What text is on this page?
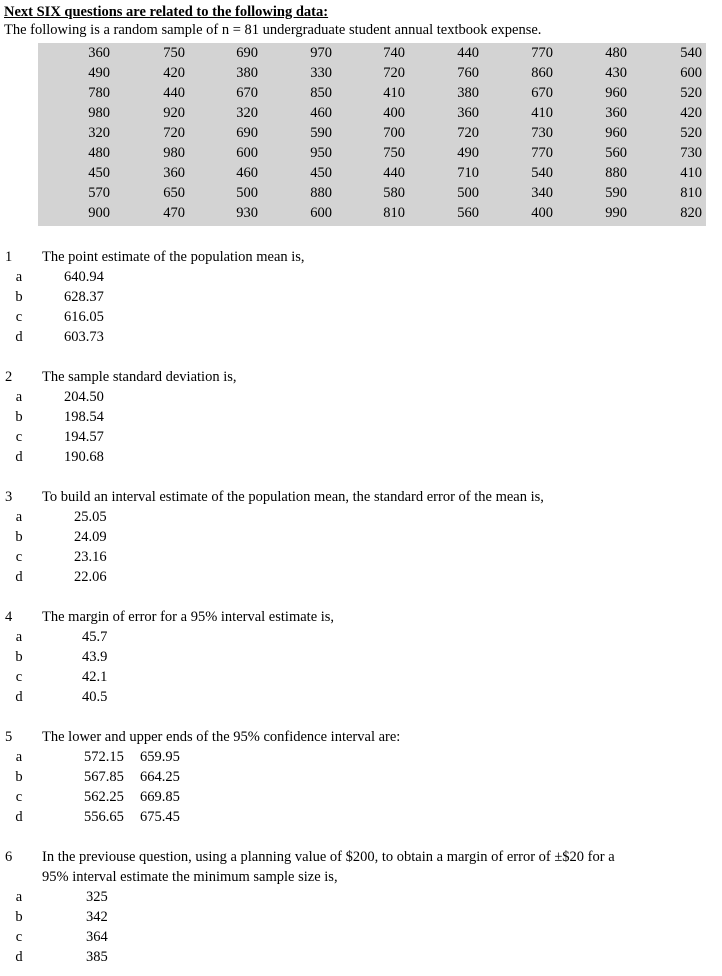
Next SIX questions are related to the following data:
The following is a random sample of n = 81 undergraduate student annual textbook expense.
360	750	690	970	740	440	770	480	540
490	420	380	330	720	760	860	430	600
780	440	670	850	410	380	670	960	520
980	920	320	460	400	360	410	360	420
320	720	690	590	700	720	730	960	520
480	980	600	950	750	490	770	560	730
450	360	460	450	440	710	540	880	410
570	650	500	880	580	500	340	590	810
900	470	930	600	810	560	400	990	820
1 The point estimate of the population mean is,
a	640.94
b	628.37
c	616.05
d	603.73
2 The sample standard deviation is,
a	204.50
b	198.54
c	194.57
d	190.68
3 To build an interval estimate of the population mean, the standard error of the mean is,
a	25.05
b	24.09
c	23.16
d	22.06
4 The margin of error for a 95% interval estimate is,
a	45.7
b	43.9
c	42.1
d	40.5
5 The lower and upper ends of the 95% confidence interval are:
a	572.15 659.95
b	567.85 664.25
c	562.25 669.85
d	556.65 675.45
6 In the previouse question, using a planning value of $200, to obtain a margin of error of ±$20 for a 95% interval estimate the minimum sample size is,
a	325
b	342
c	364
d	385
